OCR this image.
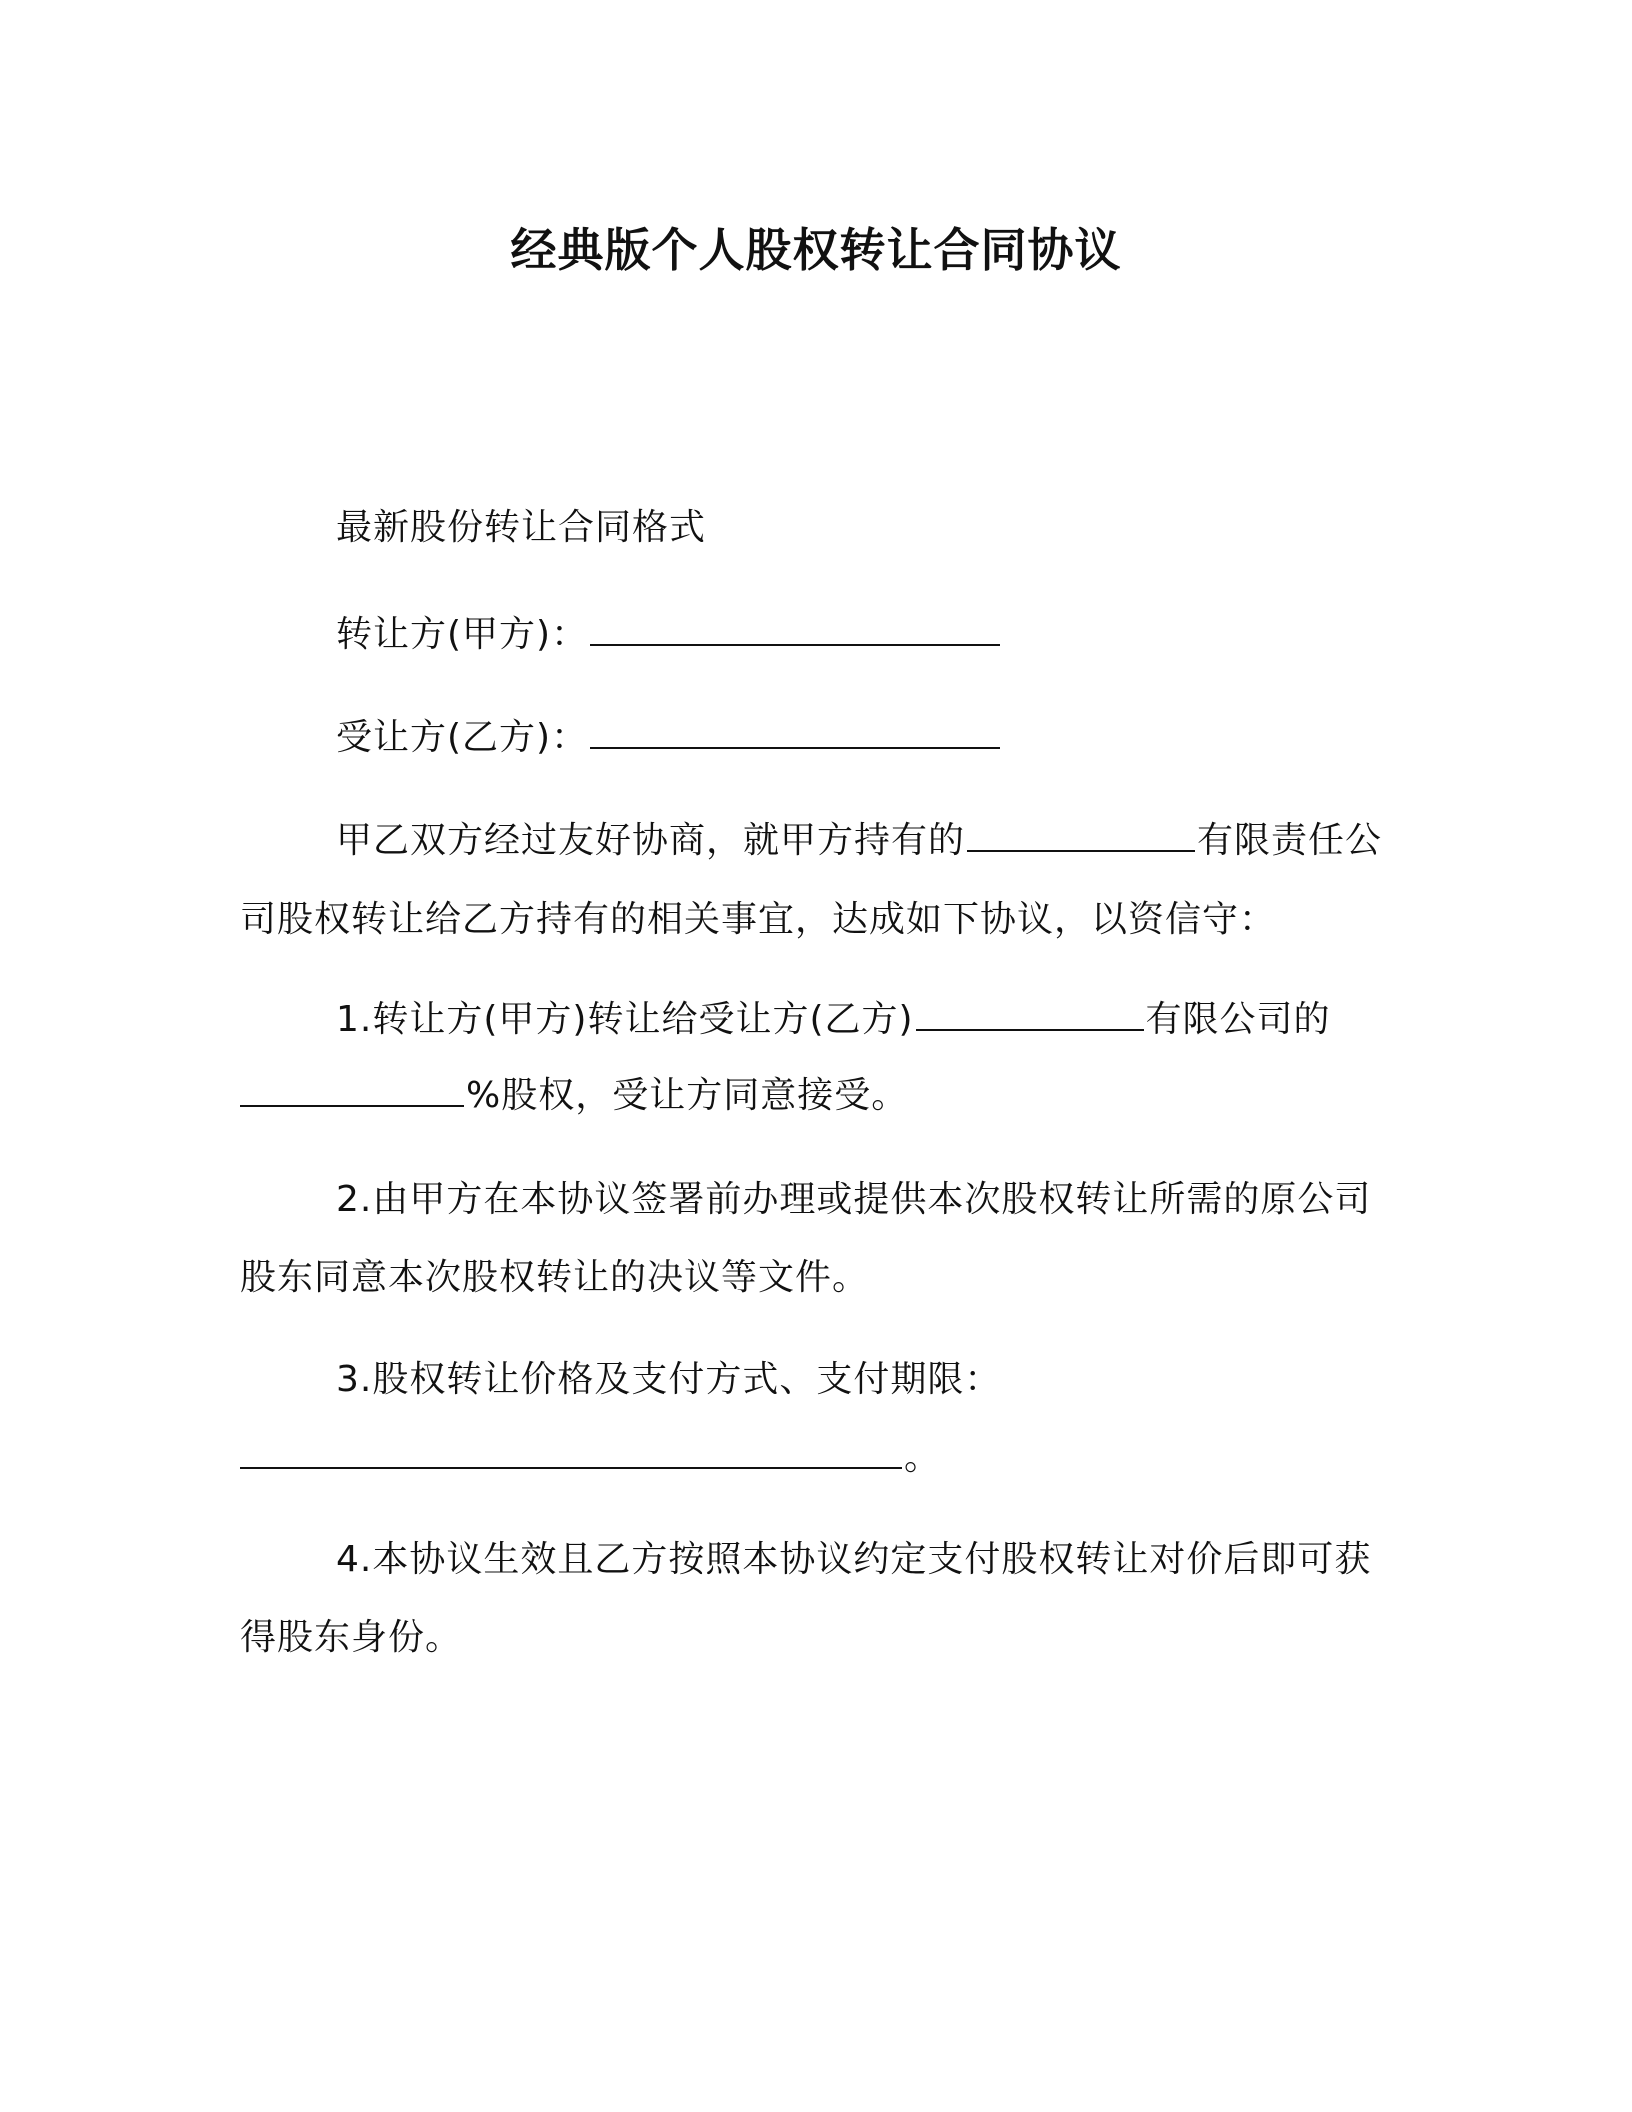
经典版个人股权转让合同协议
最新股份转让合同格式
转让方(甲方)：
受让方(乙方)：
甲乙双方经过友好协商，就甲方持有的	有限责任公
司股权转让给乙方持有的相关事宜，达成如下协议，以资信守：
1.转让方(甲方)转让给受让方(乙方)	有限公司的
%股权，受让方同意接受。
2.由甲方在本协议签署前办理或提供本次股权转让所需的原公司
股东同意本次股权转让的决议等文件。
3.股权转让价格及支付方式、支付期限：
。
4.本协议生效且乙方按照本协议约定支付股权转让对价后即可获
得股东身份。
